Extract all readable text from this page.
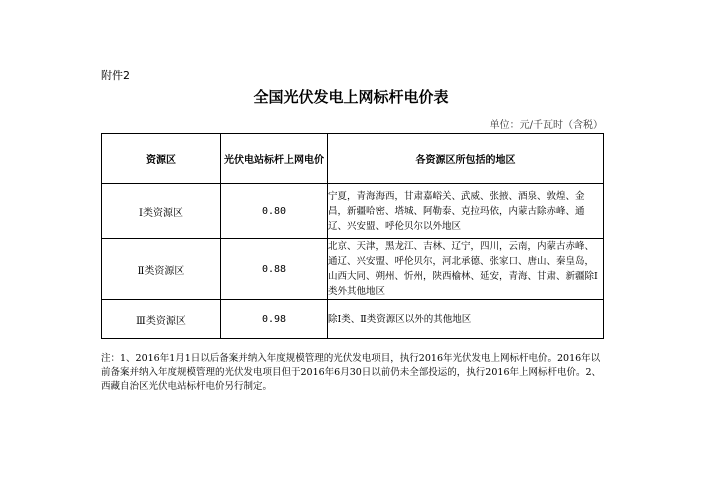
附件2
全国光伏发电上网标杆电价表
单位：元/千瓦时（含税）
资源区	光伏电站标杆上网电价	各资源区所包括的地区
Ⅰ类资源区	0.80	宁夏，青海海西，甘肃嘉峪关、武威、张掖、酒泉、敦煌、金昌，新疆哈密、塔城、阿勒泰、克拉玛依，内蒙古除赤峰、通辽、兴安盟、呼伦贝尔以外地区
Ⅱ类资源区	0.88	北京、天津，黑龙江、吉林、辽宁，四川，云南，内蒙古赤峰、通辽、兴安盟、呼伦贝尔，河北承德、张家口、唐山、秦皇岛，山西大同、朔州、忻州，陕西榆林、延安，青海、甘肃、新疆除Ⅰ类外其他地区
Ⅲ类资源区	0.98	除Ⅰ类、Ⅱ类资源区以外的其他地区
注：1、2016年1月1日以后备案并纳入年度规模管理的光伏发电项目，执行2016年光伏发电上网标杆电价。2016年以前备案并纳入年度规模管理的光伏发电项目但于2016年6月30日以前仍未全部投运的，执行2016年上网标杆电价。2、西藏自治区光伏电站标杆电价另行制定。
